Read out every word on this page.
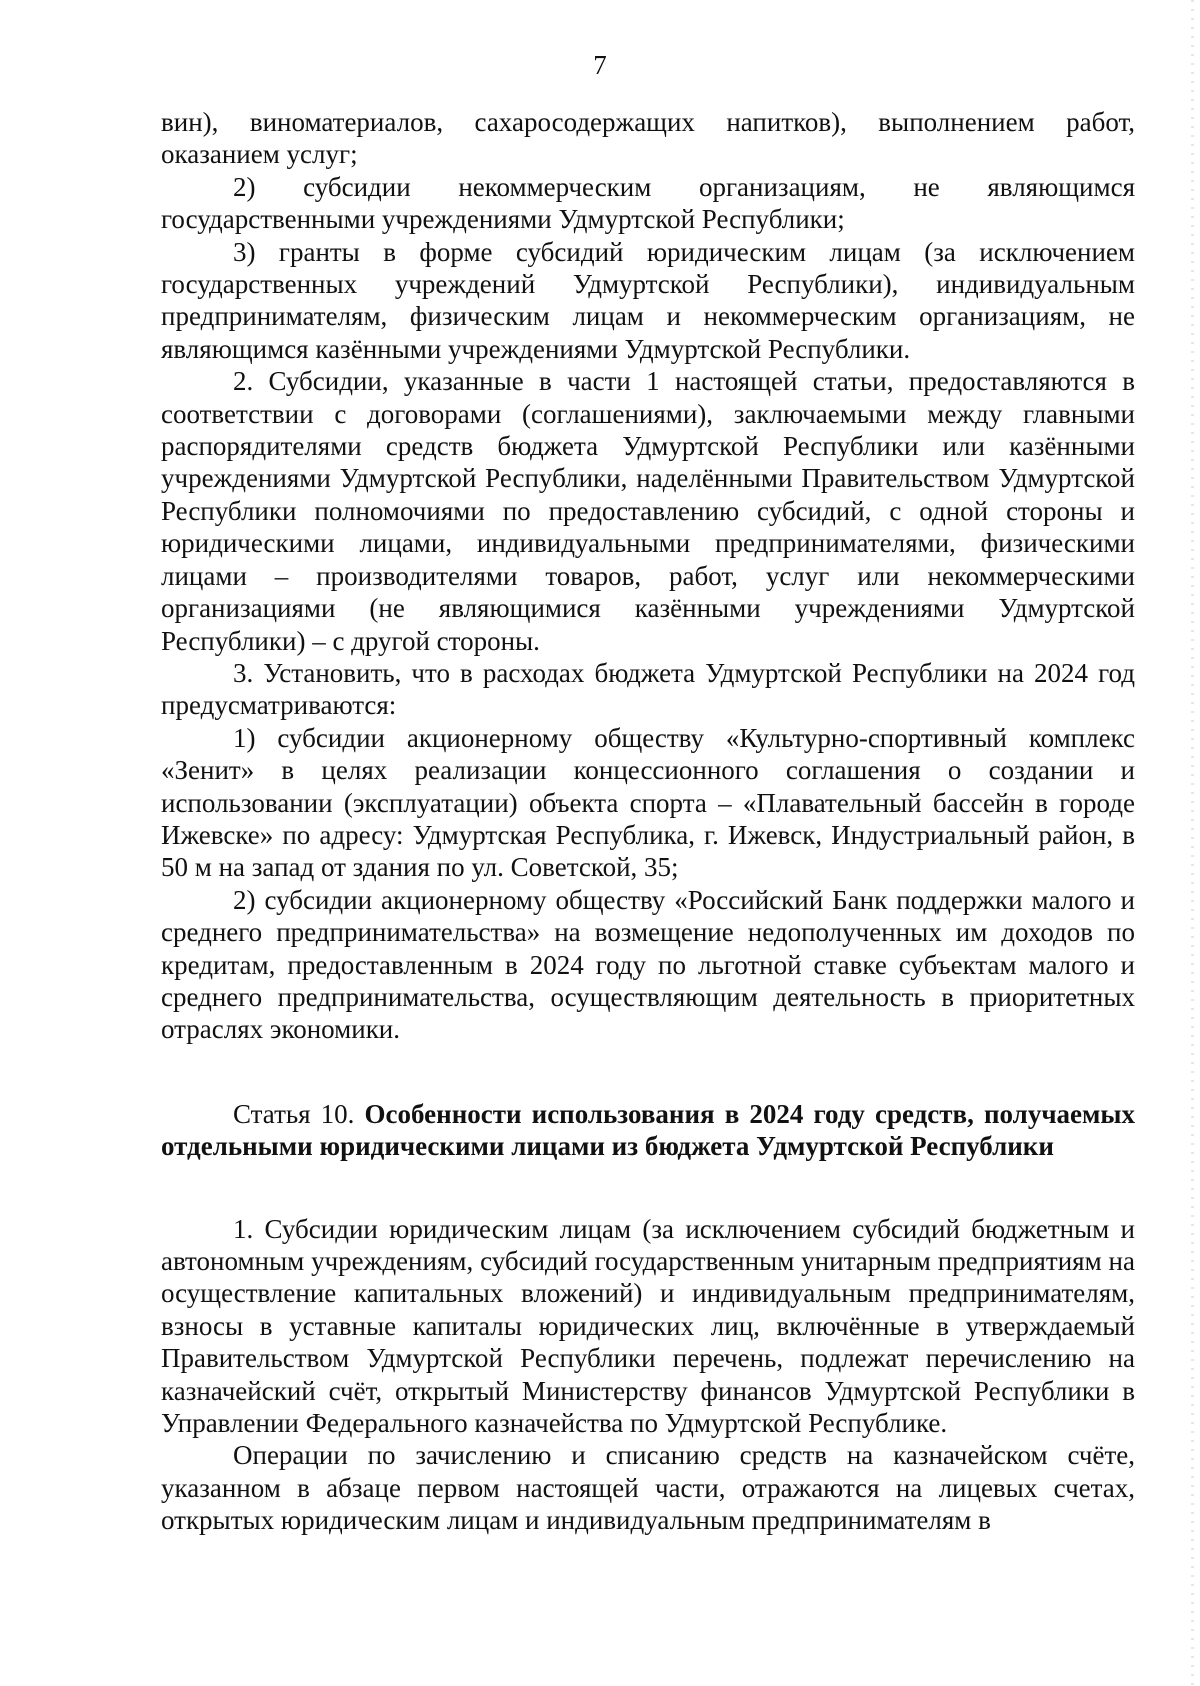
7

вин), виноматериалов, сахаросодержащих напитков), выполнением работ, оказанием услуг;

2) субсидии некоммерческим организациям, не являющимся государственными учреждениями Удмуртской Республики;

3) гранты в форме субсидий юридическим лицам (за исключением государственных учреждений Удмуртской Республики), индивидуальным предпринимателям, физическим лицам и некоммерческим организациям, не являющимся казёнными учреждениями Удмуртской Республики.

2. Субсидии, указанные в части 1 настоящей статьи, предоставляются в соответствии с договорами (соглашениями), заключаемыми между главными распорядителями средств бюджета Удмуртской Республики или казёнными учреждениями Удмуртской Республики, наделёнными Правительством Удмуртской Республики полномочиями по предоставлению субсидий, с одной стороны и юридическими лицами, индивидуальными предпринимателями, физическими лицами – производителями товаров, работ, услуг или некоммерческими организациями (не являющимися казёнными учреждениями Удмуртской Республики) – с другой стороны.

3. Установить, что в расходах бюджета Удмуртской Республики на 2024 год предусматриваются:

1) субсидии акционерному обществу «Культурно-спортивный комплекс «Зенит» в целях реализации концессионного соглашения о создании и использовании (эксплуатации) объекта спорта – «Плавательный бассейн в городе Ижевске» по адресу: Удмуртская Республика, г. Ижевск, Индустриальный район, в 50 м на запад от здания по ул. Советской, 35;

2) субсидии акционерному обществу «Российский Банк поддержки малого и среднего предпринимательства» на возмещение недополученных им доходов по кредитам, предоставленным в 2024 году по льготной ставке субъектам малого и среднего предпринимательства, осуществляющим деятельность в приоритетных отраслях экономики.

Статья 10. Особенности использования в 2024 году средств, получаемых отдельными юридическими лицами из бюджета Удмуртской Республики

1. Субсидии юридическим лицам (за исключением субсидий бюджетным и автономным учреждениям, субсидий государственным унитарным предприятиям на осуществление капитальных вложений) и индивидуальным предпринимателям, взносы в уставные капиталы юридических лиц, включённые в утверждаемый Правительством Удмуртской Республики перечень, подлежат перечислению на казначейский счёт, открытый Министерству финансов Удмуртской Республики в Управлении Федерального казначейства по Удмуртской Республике.

Операции по зачислению и списанию средств на казначейском счёте, указанном в абзаце первом настоящей части, отражаются на лицевых счетах, открытых юридическим лицам и индивидуальным предпринимателям в
